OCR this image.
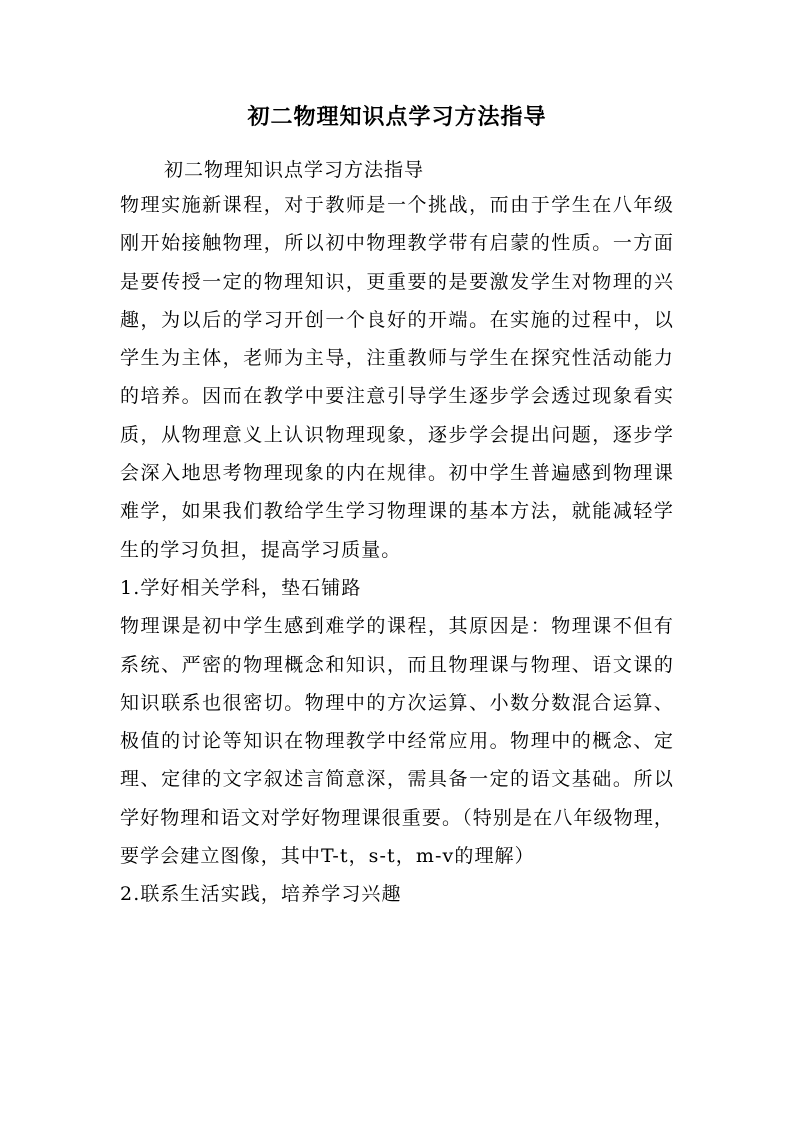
初二物理知识点学习方法指导

初二物理知识点学习方法指导

物理实施新课程，对于教师是一个挑战，而由于学生在八年级刚开始接触物理，所以初中物理教学带有启蒙的性质。一方面是要传授一定的物理知识，更重要的是要激发学生对物理的兴趣，为以后的学习开创一个良好的开端。在实施的过程中，以学生为主体，老师为主导，注重教师与学生在探究性活动能力的培养。因而在教学中要注意引导学生逐步学会透过现象看实质，从物理意义上认识物理现象，逐步学会提出问题，逐步学会深入地思考物理现象的内在规律。初中学生普遍感到物理课难学，如果我们教给学生学习物理课的基本方法，就能减轻学生的学习负担，提高学习质量。

1.学好相关学科，垫石铺路

物理课是初中学生感到难学的课程，其原因是：物理课不但有系统、严密的物理概念和知识，而且物理课与物理、语文课的知识联系也很密切。物理中的方次运算、小数分数混合运算、极值的讨论等知识在物理教学中经常应用。物理中的概念、定理、定律的文字叙述言简意深，需具备一定的语文基础。所以学好物理和语文对学好物理课很重要。（特别是在八年级物理，要学会建立图像，其中T-t，s-t，m-v的理解）

2.联系生活实践，培养学习兴趣
